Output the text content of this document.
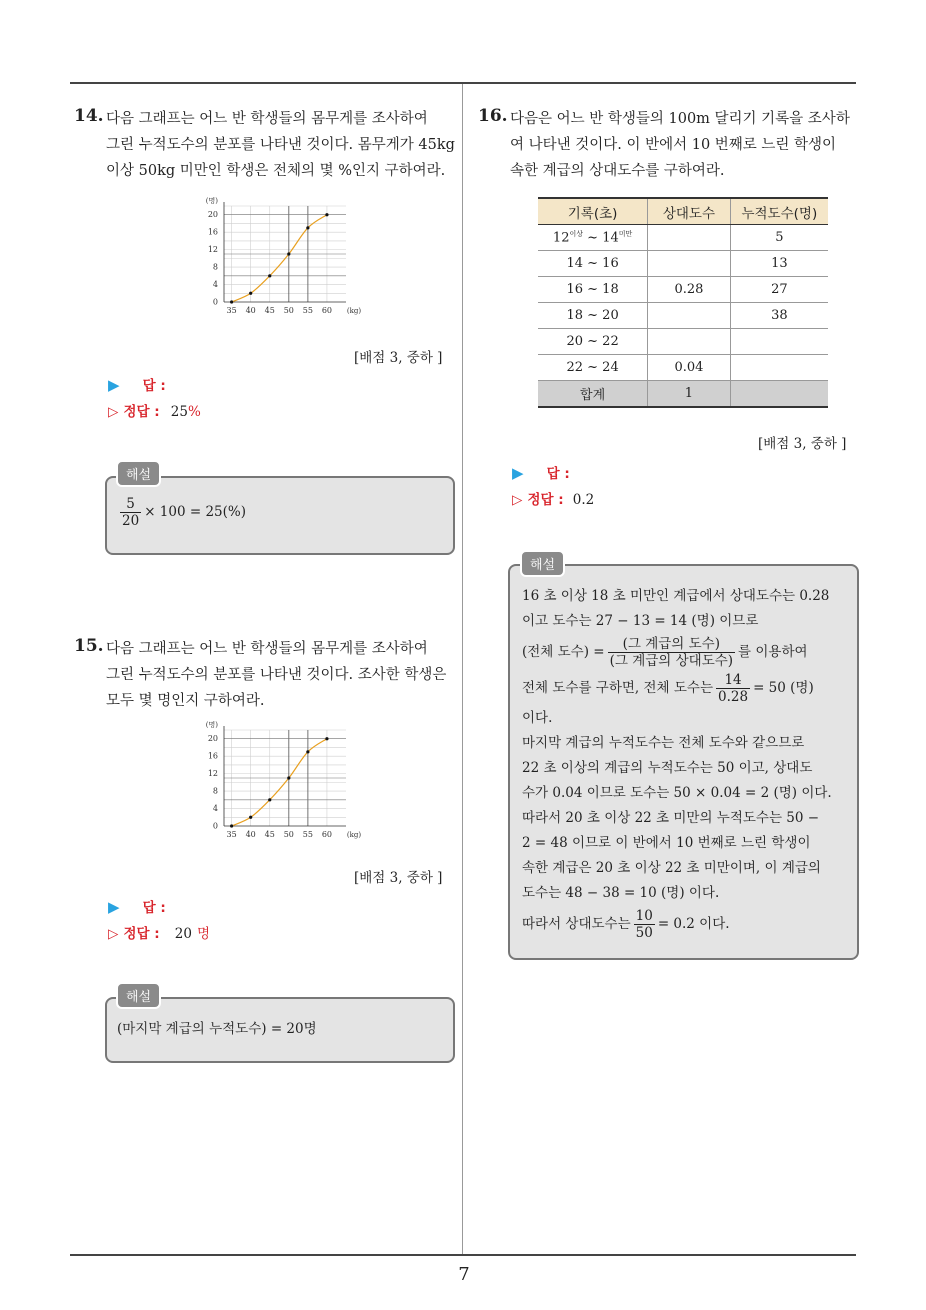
7
14. 다음 그래프는 어느 반 학생들의 몸무게를 조사하여
그린 누적도수의 분포를 나타낸 것이다. 몸무게가 45kg
이상 50kg 미만인 학생은 전체의 몇 %인지 구하여라.
0
4
8
12
16
20
35 40 45 50 55 60
(명)
(kg)
[배점 3, 중하 ]
▶ 답 :
▷ 정답 : 25%
$\frac{5}{20} \times 100 = 25(\%)$
해설
15. 다음 그래프는 어느 반 학생들의 몸무게를 조사하여
그린 누적도수의 분포를 나타낸 것이다. 조사한 학생은
모두 몇 명인지 구하여라.
0
4
8
12
16
20
35 40 45 50 55 60
(명)
(kg)
[배점 3, 중하 ]
▶ 답 :
▷ 정답 : 20 명
(마지막 계급의 누적도수) = 20명
해설
16. 다음은 어느 반 학생들의 100m 달리기 기록을 조사하
여 나타낸 것이다. 이 반에서 10 번째로 느린 학생이
속한 계급의 상대도수를 구하여라.
기록(초)	상대도수	누적도수(명)
$12^{이상}$ ~ $14^{미만}$		5
14 ~ 16		13
16 ~ 18	0.28	27
18 ~ 20		38
20 ~ 22		
22 ~ 24	0.04	
합계	1	
[배점 3, 중하 ]
▶ 답 :
▷ 정답 : 0.2
16 초 이상 18 초 미만인 계급에서 상대도수는 0.28
이고 도수는 27 − 13 = 14 (명) 이므로
(전체 도수) = $\frac{\text{(그 계급의 도수)}}{\text{(그 계급의 상대도수)}}$ 를 이용하여
전체 도수를 구하면, 전체 도수는 $\frac{14}{0.28} = 50$ (명)
이다.
마지막 계급의 누적도수는 전체 도수와 같으므로
22 초 이상의 계급의 누적도수는 50 이고, 상대도
수가 0.04 이므로 도수는 50 × 0.04 = 2 (명) 이다.
따라서 20 초 이상 22 초 미만의 누적도수는 50 −
2 = 48 이므로 이 반에서 10 번째로 느린 학생이
속한 계급은 20 초 이상 22 초 미만이며, 이 계급의
도수는 48 − 38 = 10 (명) 이다.
따라서 상대도수는 $\frac{10}{50} = 0.2$ 이다.
해설
